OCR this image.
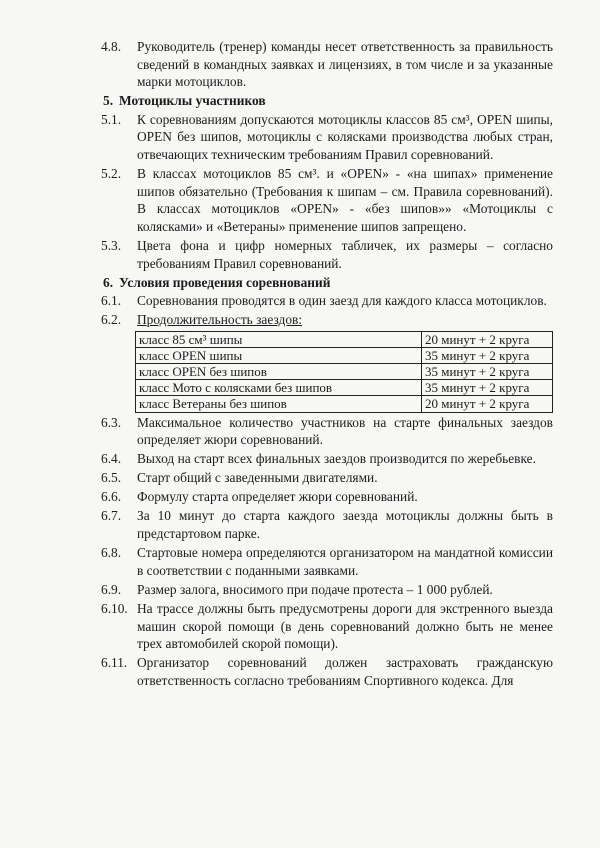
4.8. Руководитель (тренер) команды несет ответственность за правильность сведений в командных заявках и лицензиях, в том числе и за указанные марки мотоциклов.
5. Мотоциклы участников
5.1. К соревнованиям допускаются мотоциклы классов 85 см³, OPEN шипы, OPEN без шипов, мотоциклы с колясками производства любых стран, отвечающих техническим требованиям Правил соревнований.
5.2. В классах мотоциклов 85 см³. и «OPEN» - «на шипах» применение шипов обязательно (Требования к шипам – см. Правила соревнований). В классах мотоциклов «OPEN» - «без шипов»» «Мотоциклы с колясками» и «Ветераны» применение шипов запрещено.
5.3. Цвета фона и цифр номерных табличек, их размеры – согласно требованиям Правил соревнований.
6. Условия проведения соревнований
6.1. Соревнования проводятся в один заезд для каждого класса мотоциклов.
6.2. Продолжительность заездов:
класс 85 см³ шипы	20 минут + 2 круга
класс OPEN шипы	35 минут + 2 круга
класс OPEN без шипов	35 минут + 2 круга
класс Мото с колясками без шипов	35 минут + 2 круга
класс Ветераны без шипов	20 минут + 2 круга
6.3. Максимальное количество участников на старте финальных заездов определяет жюри соревнований.
6.4. Выход на старт всех финальных заездов производится по жеребьевке.
6.5. Старт общий с заведенными двигателями.
6.6. Формулу старта определяет жюри соревнований.
6.7. За 10 минут до старта каждого заезда мотоциклы должны быть в предстартовом парке.
6.8. Стартовые номера определяются организатором на мандатной комиссии в соответствии с поданными заявками.
6.9. Размер залога, вносимого при подаче протеста – 1 000 рублей.
6.10. На трассе должны быть предусмотрены дороги для экстренного выезда машин скорой помощи (в день соревнований должно быть не менее трех автомобилей скорой помощи).
6.11. Организатор соревнований должен застраховать гражданскую ответственность согласно требованиям Спортивного кодекса. Для
